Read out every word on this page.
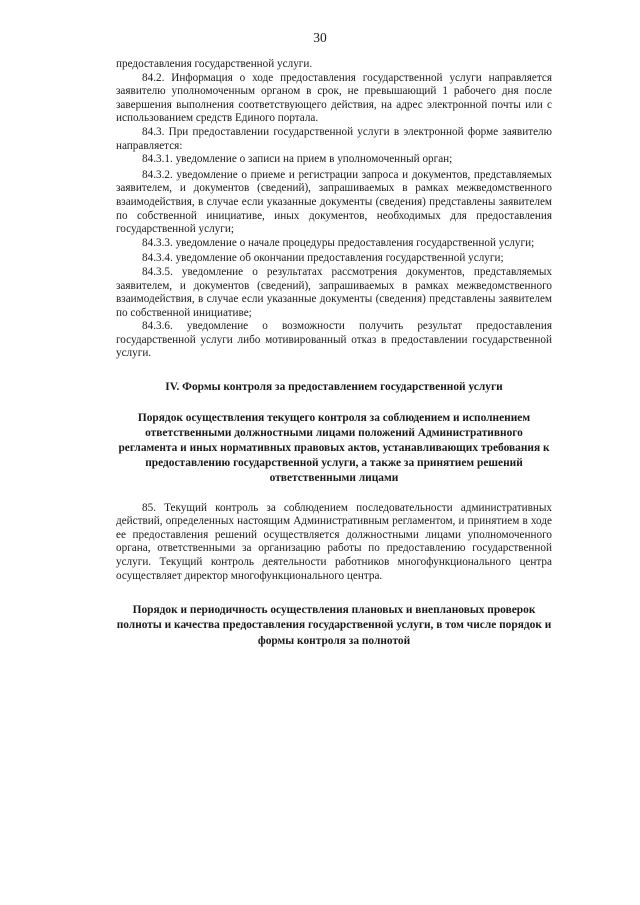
30

предоставления государственной услуги.

84.2. Информация о ходе предоставления государственной услуги направляется заявителю уполномоченным органом в срок, не превышающий 1 рабочего дня после завершения выполнения соответствующего действия, на адрес электронной почты или с использованием средств Единого портала.

84.3. При предоставлении государственной услуги в электронной форме заявителю направляется:

84.3.1. уведомление о записи на прием в уполномоченный орган;

84.3.2. уведомление о приеме и регистрации запроса и документов, представляемых заявителем, и документов (сведений), запрашиваемых в рамках межведомственного взаимодействия, в случае если указанные документы (сведения) представлены заявителем по собственной инициативе, иных документов, необходимых для предоставления государственной услуги;

84.3.3. уведомление о начале процедуры предоставления государственной услуги;

84.3.4. уведомление об окончании предоставления государственной услуги;

84.3.5. уведомление о результатах рассмотрения документов, представляемых заявителем, и документов (сведений), запрашиваемых в рамках межведомственного взаимодействия, в случае если указанные документы (сведения) представлены заявителем по собственной инициативе;

84.3.6. уведомление о возможности получить результат предоставления государственной услуги либо мотивированный отказ в предоставлении государственной услуги.

IV. Формы контроля за предоставлением государственной услуги
Порядок осуществления текущего контроля за соблюдением и исполнением ответственными должностными лицами положений Административного регламента и иных нормативных правовых актов, устанавливающих требования к предоставлению государственной услуги, а также за принятием решений ответственными лицами

85. Текущий контроль за соблюдением последовательности административных действий, определенных настоящим Административным регламентом, и принятием в ходе ее предоставления решений осуществляется должностными лицами уполномоченного органа, ответственными за организацию работы по предоставлению государственной услуги. Текущий контроль деятельности работников многофункционального центра осуществляет директор многофункционального центра.

Порядок и периодичность осуществления плановых и внеплановых проверок полноты и качества предоставления государственной услуги, в том числе порядок и формы контроля за полнотой
